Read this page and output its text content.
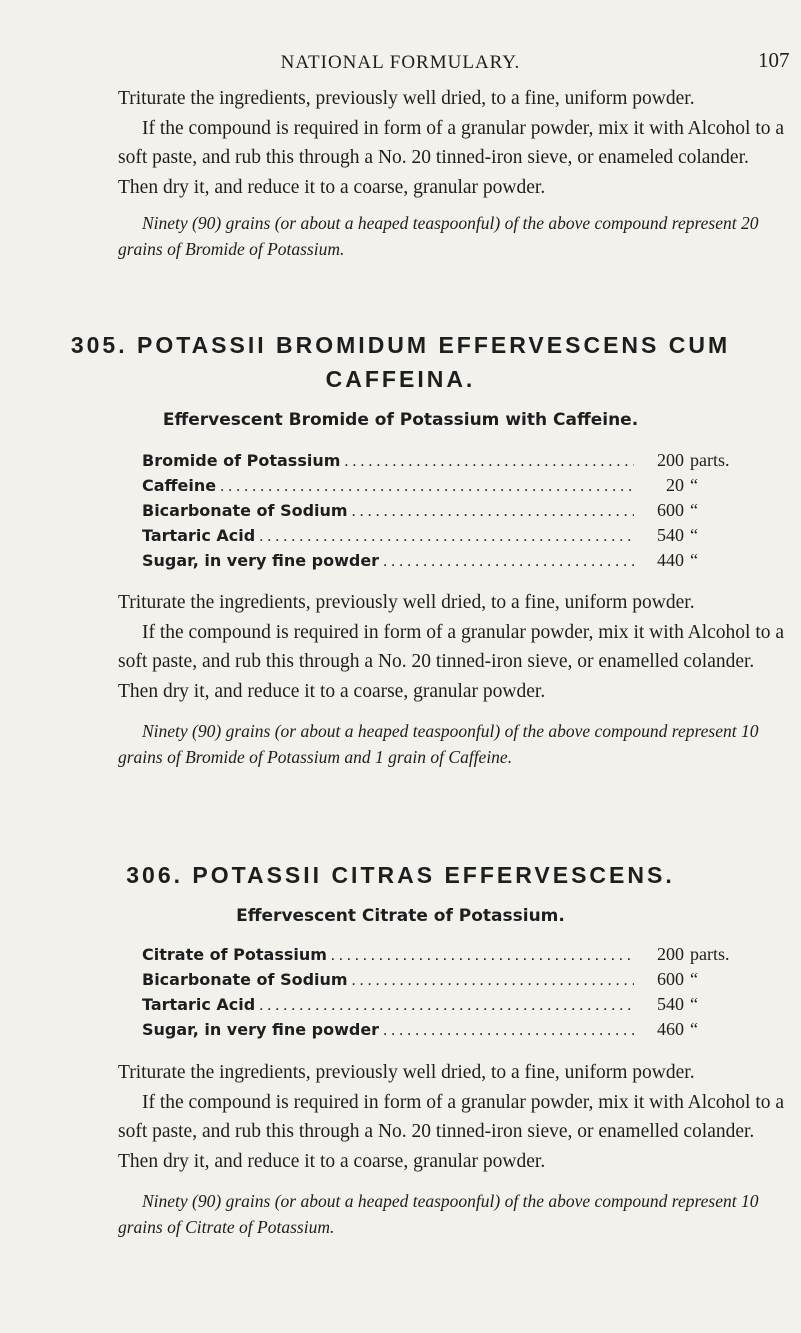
NATIONAL FORMULARY.	107

Triturate the ingredients, previously well dried, to a fine, uniform powder.

If the compound is required in form of a granular powder, mix it with Alcohol to a soft paste, and rub this through a No. 20 tinned-iron sieve, or enameled colander. Then dry it, and reduce it to a coarse, granular powder.

Ninety (90) grains (or about a heaped teaspoonful) of the above compound represent 20 grains of Bromide of Potassium.

305. POTASSII BROMIDUM EFFERVESCENS CUM
CAFFEINA.
Effervescent Bromide of Potassium with Caffeine.
Bromide of Potassium . . .	200 parts.
Caffeine . . .	20 “
Bicarbonate of Sodium . . .	600 “
Tartaric Acid . . .	540 “
Sugar, in very fine powder . . .	440 “

Triturate the ingredients, previously well dried, to a fine, uniform powder.

If the compound is required in form of a granular powder, mix it with Alcohol to a soft paste, and rub this through a No. 20 tinned-iron sieve, or enamelled colander. Then dry it, and reduce it to a coarse, granular powder.

Ninety (90) grains (or about a heaped teaspoonful) of the above compound represent 10 grains of Bromide of Potassium and 1 grain of Caffeine.

306. POTASSII CITRAS EFFERVESCENS.
Effervescent Citrate of Potassium.
Citrate of Potassium . . .	200 parts.
Bicarbonate of Sodium . . .	600 “
Tartaric Acid . . .	540 “
Sugar, in very fine powder . . .	460 “

Triturate the ingredients, previously well dried, to a fine, uniform powder.

If the compound is required in form of a granular powder, mix it with Alcohol to a soft paste, and rub this through a No. 20 tinned-iron sieve, or enamelled colander. Then dry it, and reduce it to a coarse, granular powder.

Ninety (90) grains (or about a heaped teaspoonful) of the above compound represent 10 grains of Citrate of Potassium.
